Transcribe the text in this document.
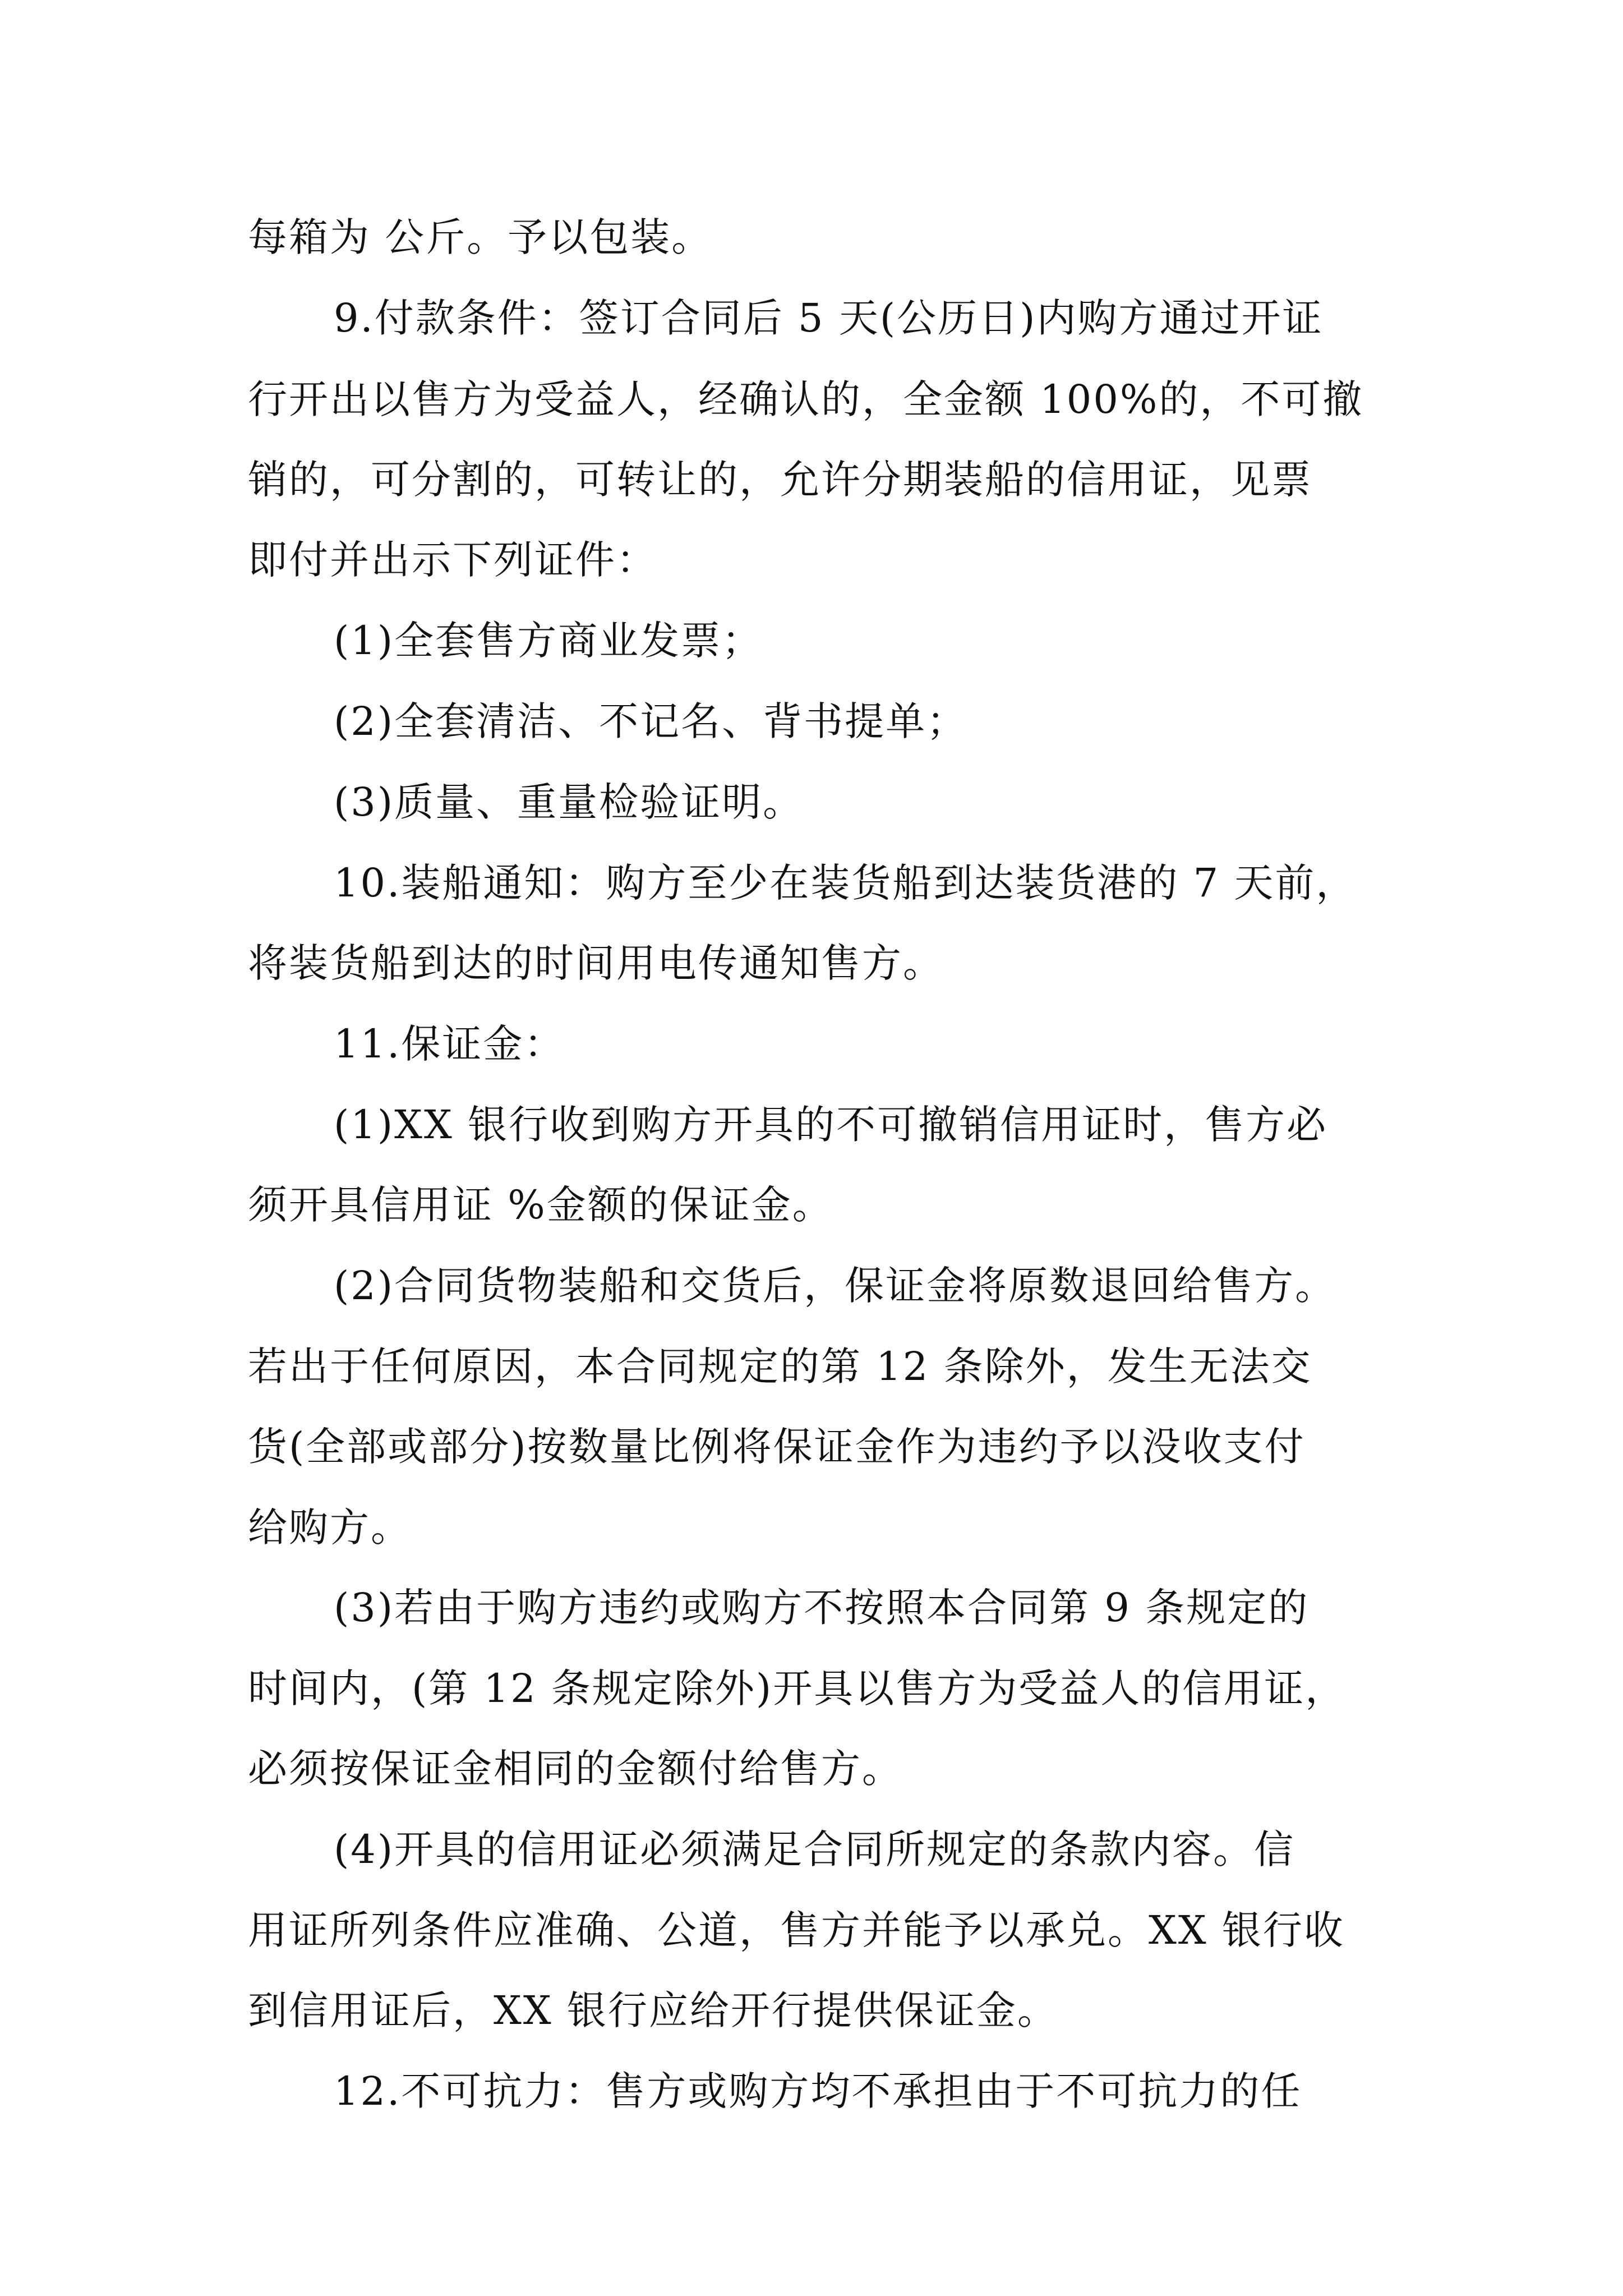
每箱为 公斤。予以包装。
9.付款条件：签订合同后 5 天(公历日)内购方通过开证
行开出以售方为受益人，经确认的，全金额 100%的，不可撤
销的，可分割的，可转让的，允许分期装船的信用证，见票
即付并出示下列证件：
(1)全套售方商业发票；
(2)全套清洁、不记名、背书提单；
(3)质量、重量检验证明。
10.装船通知：购方至少在装货船到达装货港的 7 天前，
将装货船到达的时间用电传通知售方。
11.保证金：
(1)XX 银行收到购方开具的不可撤销信用证时，售方必
须开具信用证 %金额的保证金。
(2)合同货物装船和交货后，保证金将原数退回给售方。
若出于任何原因，本合同规定的第 12 条除外，发生无法交
货(全部或部分)按数量比例将保证金作为违约予以没收支付
给购方。
(3)若由于购方违约或购方不按照本合同第 9 条规定的
时间内，(第 12 条规定除外)开具以售方为受益人的信用证，
必须按保证金相同的金额付给售方。
(4)开具的信用证必须满足合同所规定的条款内容。信
用证所列条件应准确、公道，售方并能予以承兑。XX 银行收
到信用证后，XX 银行应给开行提供保证金。
12.不可抗力：售方或购方均不承担由于不可抗力的任
